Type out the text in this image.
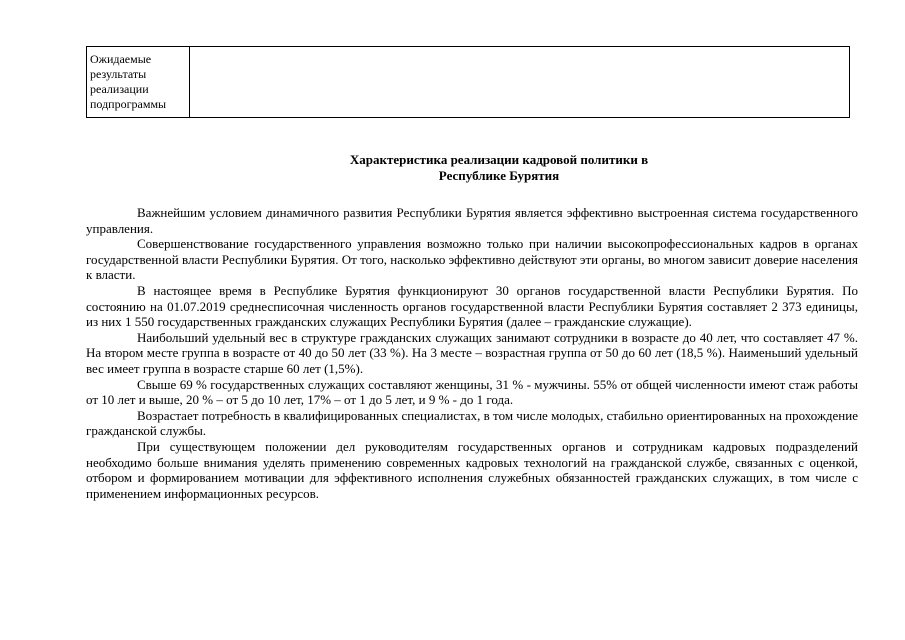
Ожидаемые
результаты
реализации
подпрограммы
Характеристика реализации кадровой политики в
Республике Бурятия

Важнейшим условием динамичного развития Республики Бурятия является эффективно выстроенная система государственного управления.

Совершенствование государственного управления возможно только при наличии высокопрофессиональных кадров в органах государственной власти Республики Бурятия. От того, насколько эффективно действуют эти органы, во многом зависит доверие населения к власти.

В настоящее время в Республике Бурятия функционируют 30 органов государственной власти Республики Бурятия. По состоянию на 01.07.2019 среднесписочная численность органов государственной власти Республики Бурятия составляет 2 373 единицы, из них 1 550 государственных гражданских служащих Республики Бурятия (далее – гражданские служащие).

Наибольший удельный вес в структуре гражданских служащих занимают сотрудники в возрасте до 40 лет, что составляет 47 %. На втором месте группа в возрасте от 40 до 50 лет (33 %). На 3 месте – возрастная группа от 50 до 60 лет (18,5 %). Наименьший удельный вес имеет группа в возрасте старше 60 лет (1,5%).

Свыше 69 % государственных служащих составляют женщины, 31 % - мужчины. 55% от общей численности имеют стаж работы от 10 лет и выше, 20 % – от 5 до 10 лет, 17% – от 1 до 5 лет, и 9 % - до 1 года.

Возрастает потребность в квалифицированных специалистах, в том числе молодых, стабильно ориентированных на прохождение гражданской службы.

При существующем положении дел руководителям государственных органов и сотрудникам кадровых подразделений необходимо больше внимания уделять применению современных кадровых технологий на гражданской службе, связанных с оценкой, отбором и формированием мотивации для эффективного исполнения служебных обязанностей гражданских служащих, в том числе с применением информационных ресурсов.
